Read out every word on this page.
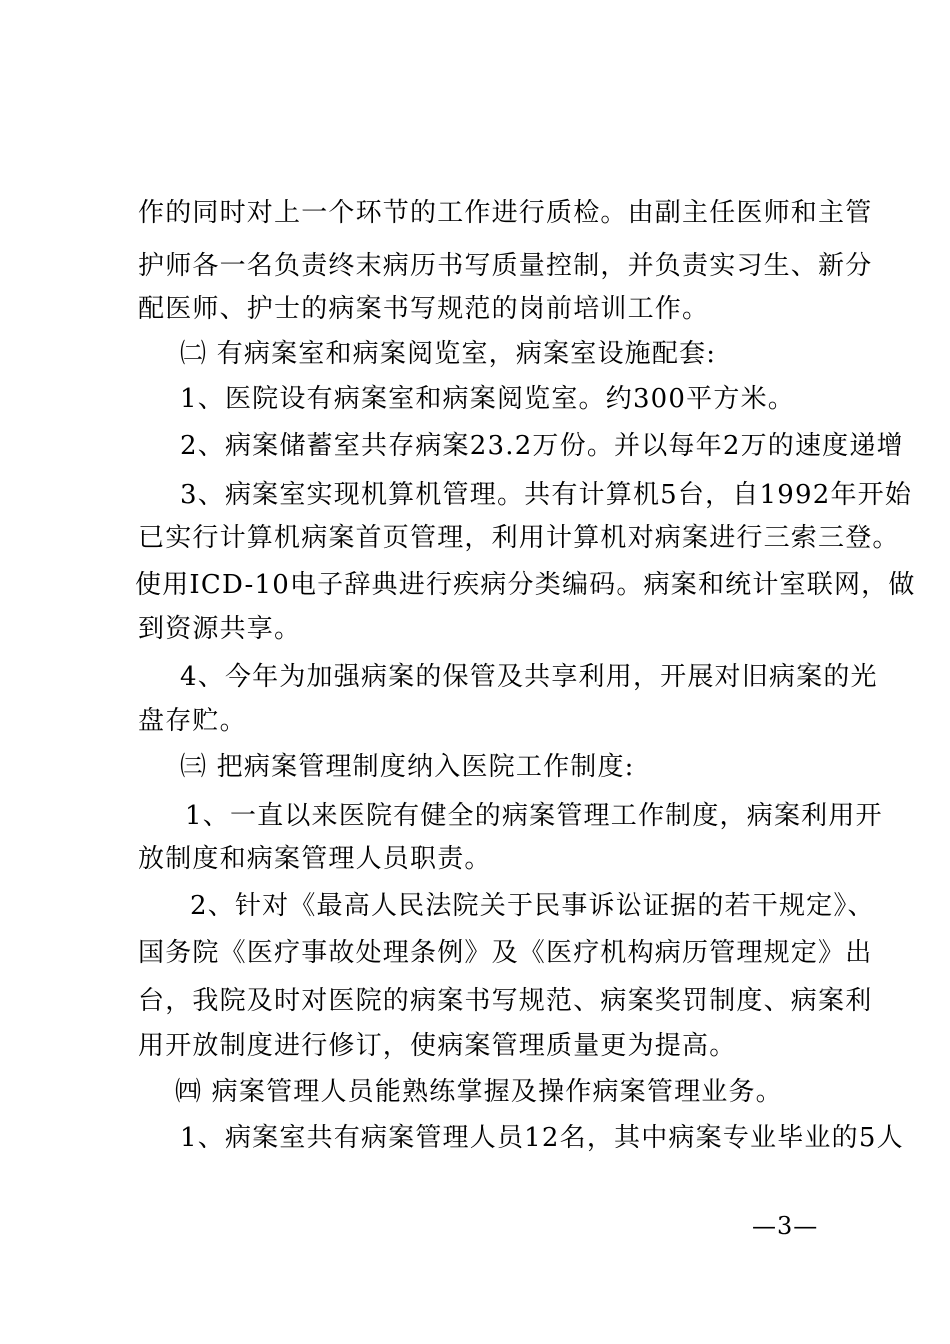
作的同时对上一个环节的工作进行质检。由副主任医师和主管
护师各一名负责终末病历书写质量控制，并负责实习生、新分
配医师、护士的病案书写规范的岗前培训工作。
㈡ 有病案室和病案阅览室，病案室设施配套:
1、医院设有病案室和病案阅览室。约300平方米。
2、病案储蓄室共存病案23.2万份。并以每年2万的速度递增
3、病案室实现机算机管理。共有计算机5台，自1992年开始
已实行计算机病案首页管理，利用计算机对病案进行三索三登。
使用ICD-10电子辞典进行疾病分类编码。病案和统计室联网，做
到资源共享。
4、今年为加强病案的保管及共享利用，开展对旧病案的光
盘存贮。
㈢ 把病案管理制度纳入医院工作制度:
1、一直以来医院有健全的病案管理工作制度，病案利用开
放制度和病案管理人员职责。
2、针对《最高人民法院关于民事诉讼证据的若干规定》、
国务院《医疗事故处理条例》及《医疗机构病历管理规定》出
台，我院及时对医院的病案书写规范、病案奖罚制度、病案利
用开放制度进行修订，使病案管理质量更为提高。
㈣ 病案管理人员能熟练掌握及操作病案管理业务。
1、病案室共有病案管理人员12名，其中病案专业毕业的5人
—3—
